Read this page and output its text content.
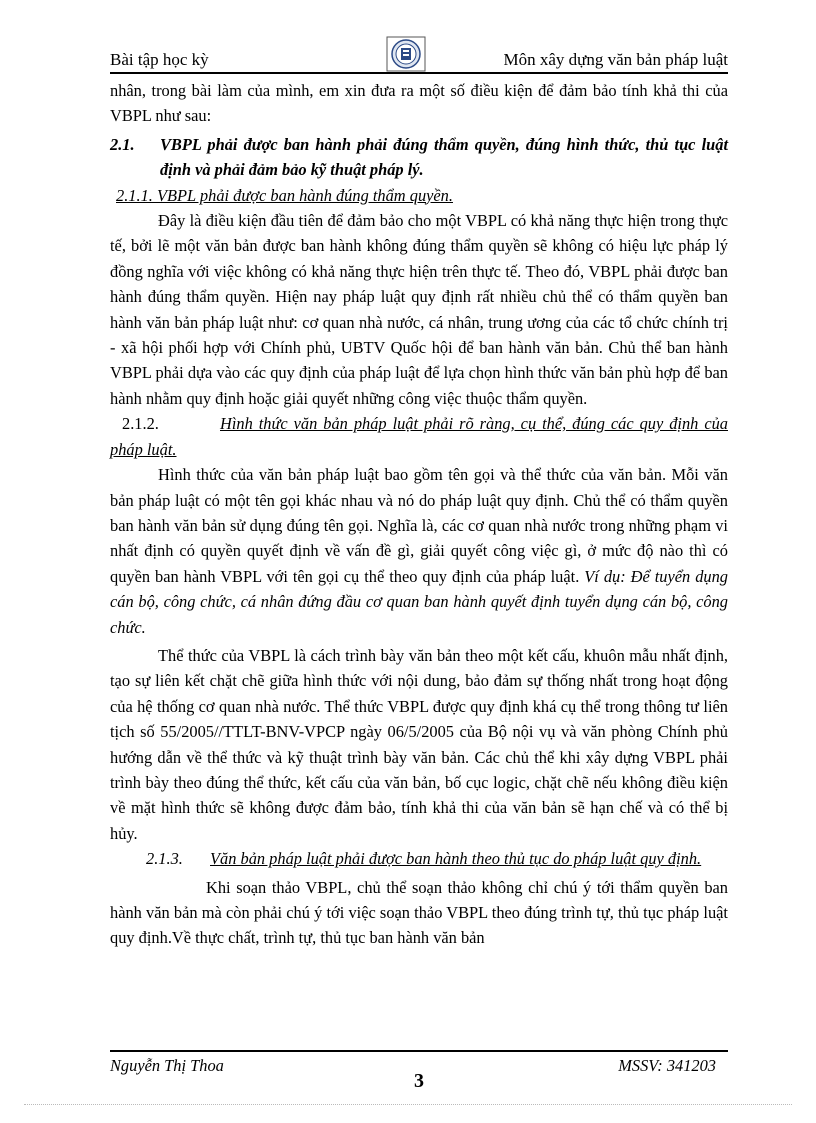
Bài tập học kỳ	Môn xây dựng văn bản pháp luật

nhân, trong bài làm của mình, em xin đưa ra một số điều kiện để đảm bảo tính khả thi của VBPL như sau:

2.1.	VBPL phải được ban hành phải đúng thẩm quyền, đúng hình thức, thủ tục luật định và phải đảm bảo kỹ thuật pháp lý.

2.1.1. VBPL phải được ban hành đúng thẩm quyền.

Đây là điều kiện đầu tiên để đảm bảo cho một VBPL có khả năng thực hiện trong thực tế, bởi lẽ một văn bản được ban hành không đúng thẩm quyền sẽ không có hiệu lực pháp lý đồng nghĩa với việc không có khả năng thực hiện trên thực tế. Theo đó, VBPL phải được ban hành đúng thẩm quyền. Hiện nay pháp luật quy định rất nhiều chủ thể có thẩm quyền ban hành văn bản pháp luật như: cơ quan nhà nước, cá nhân, trung ương của các tổ chức chính trị - xã hội phối hợp với Chính phủ, UBTV Quốc hội để ban hành văn bản. Chủ thể ban hành VBPL phải dựa vào các quy định của pháp luật để lựa chọn hình thức văn bản phù hợp để ban hành nhằm quy định hoặc giải quyết những công việc thuộc thẩm quyền.

2.1.2.	Hình thức văn bản pháp luật phải rõ ràng, cụ thể, đúng các quy định của pháp luật.

Hình thức của văn bản pháp luật bao gồm tên gọi và thể thức của văn bản. Mỗi văn bản pháp luật có một tên gọi khác nhau và nó do pháp luật quy định. Chủ thể có thẩm quyền ban hành văn bản sử dụng đúng tên gọi. Nghĩa là, các cơ quan nhà nước trong những phạm vi nhất định có quyền quyết định về vấn đề gì, giải quyết công việc gì, ở mức độ nào thì có quyền ban hành VBPL với tên gọi cụ thể theo quy định của pháp luật. Ví dụ: Để tuyển dụng cán bộ, công chức, cá nhân đứng đầu cơ quan ban hành quyết định tuyển dụng cán bộ, công chức.

Thể thức của VBPL là cách trình bày văn bản theo một kết cấu, khuôn mẫu nhất định, tạo sự liên kết chặt chẽ giữa hình thức với nội dung, bảo đảm sự thống nhất trong hoạt động của hệ thống cơ quan nhà nước. Thể thức VBPL được quy định khá cụ thể trong thông tư liên tịch số 55/2005//TTLT-BNV-VPCP ngày 06/5/2005 của Bộ nội vụ và văn phòng Chính phủ hướng dẫn về thể thức và kỹ thuật trình bày văn bản. Các chủ thể khi xây dựng VBPL phải trình bày theo đúng thể thức, kết cấu của văn bản, bố cục logic, chặt chẽ nếu không điều kiện về mặt hình thức sẽ không được đảm bảo, tính khả thi của văn bản sẽ hạn chế và có thể bị hủy.

2.1.3. Văn bản pháp luật phải được ban hành theo thủ tục do pháp luật quy định.

Khi soạn thảo VBPL, chủ thể soạn thảo không chỉ chú ý tới thẩm quyền ban hành văn bản mà còn phải chú ý tới việc soạn thảo VBPL theo đúng trình tự, thủ tục pháp luật quy định.Về thực chất, trình tự, thủ tục ban hành văn bản

Nguyễn Thị Thoa	MSSV: 341203
3
